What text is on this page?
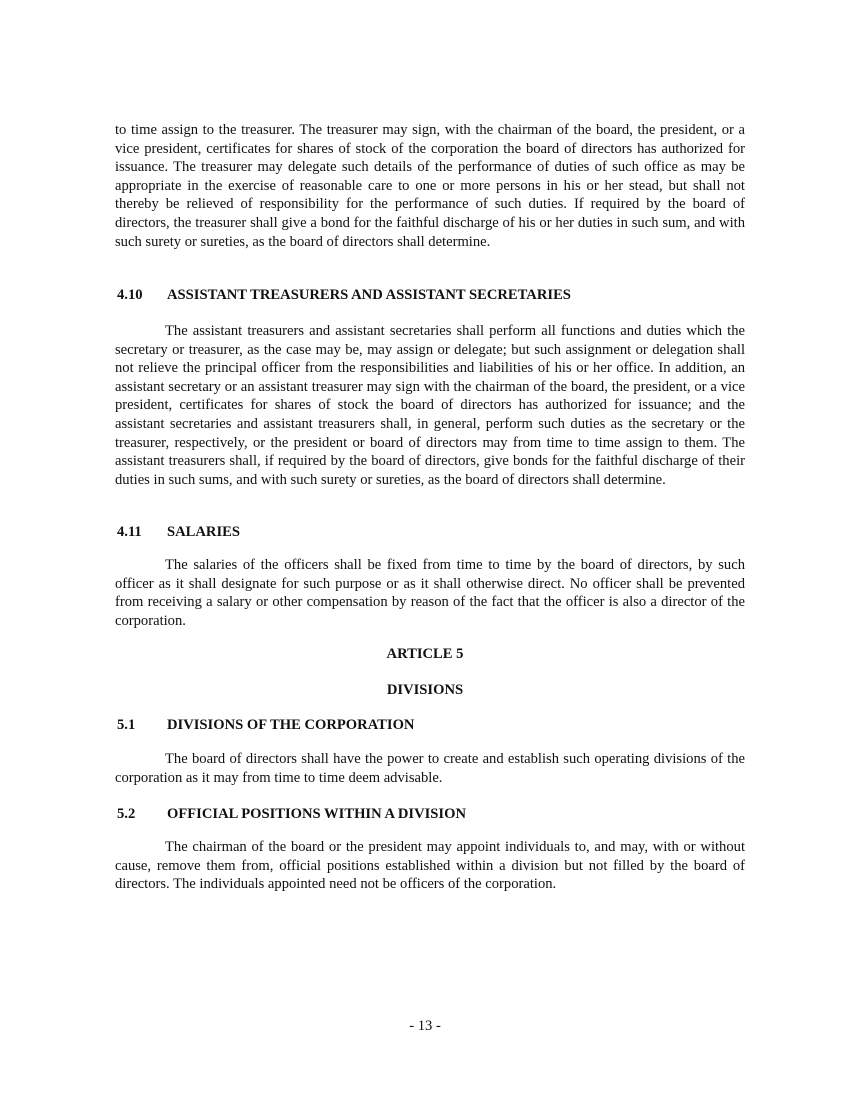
to time assign to the treasurer. The treasurer may sign, with the chairman of the board, the president, or a vice president, certificates for shares of stock of the corporation the board of directors has authorized for issuance. The treasurer may delegate such details of the performance of duties of such office as may be appropriate in the exercise of reasonable care to one or more persons in his or her stead, but shall not thereby be relieved of responsibility for the performance of such duties. If required by the board of directors, the treasurer shall give a bond for the faithful discharge of his or her duties in such sum, and with such surety or sureties, as the board of directors shall determine.

4.10 ASSISTANT TREASURERS AND ASSISTANT SECRETARIES

The assistant treasurers and assistant secretaries shall perform all functions and duties which the secretary or treasurer, as the case may be, may assign or delegate; but such assignment or delegation shall not relieve the principal officer from the responsibilities and liabilities of his or her office. In addition, an assistant secretary or an assistant treasurer may sign with the chairman of the board, the president, or a vice president, certificates for shares of stock the board of directors has authorized for issuance; and the assistant secretaries and assistant treasurers shall, in general, perform such duties as the secretary or the treasurer, respectively, or the president or board of directors may from time to time assign to them. The assistant treasurers shall, if required by the board of directors, give bonds for the faithful discharge of their duties in such sums, and with such surety or sureties, as the board of directors shall determine.

4.11 SALARIES

The salaries of the officers shall be fixed from time to time by the board of directors, by such officer as it shall designate for such purpose or as it shall otherwise direct. No officer shall be prevented from receiving a salary or other compensation by reason of the fact that the officer is also a director of the corporation.

ARTICLE 5

DIVISIONS

5.1 DIVISIONS OF THE CORPORATION

The board of directors shall have the power to create and establish such operating divisions of the corporation as it may from time to time deem advisable.

5.2 OFFICIAL POSITIONS WITHIN A DIVISION

The chairman of the board or the president may appoint individuals to, and may, with or without cause, remove them from, official positions established within a division but not filled by the board of directors. The individuals appointed need not be officers of the corporation.

- 13 -
